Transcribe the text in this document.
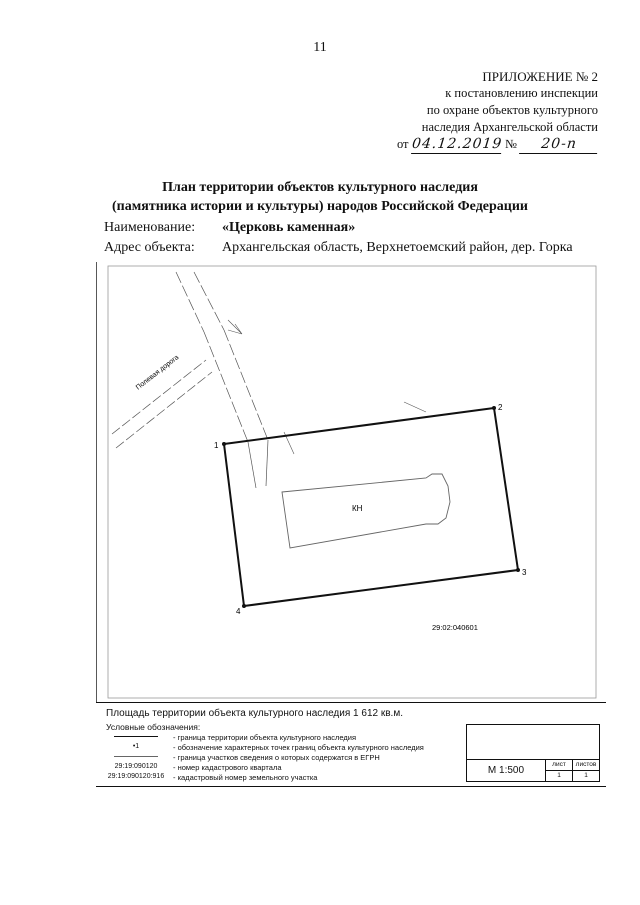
11
ПРИЛОЖЕНИЕ № 2
к постановлению инспекции
по охране объектов культурного
наследия Архангельской области
от 04.12.2019 № 20-п
План территории объектов культурного наследия
(памятника истории и культуры) народов Российской Федерации
Наименование: «Церковь каменная»
Адрес объекта: Архангельская область, Верхнетоемский район, дер. Горка
1
2
3
4
КН
29:02:040601
Полевая дорога
Площадь территории объекта культурного наследия 1 612 кв.м.
Условные обозначения:
- граница территории объекта культурного наследия
•1	- обозначение характерных точек границ объекта культурного наследия
- граница участков сведения о которых содержатся в ЕГРН
29:19:090120	- номер кадастрового квартала
29:19:090120:916 - кадастровый номер земельного участка
М 1:500
лист	листов
1	1
